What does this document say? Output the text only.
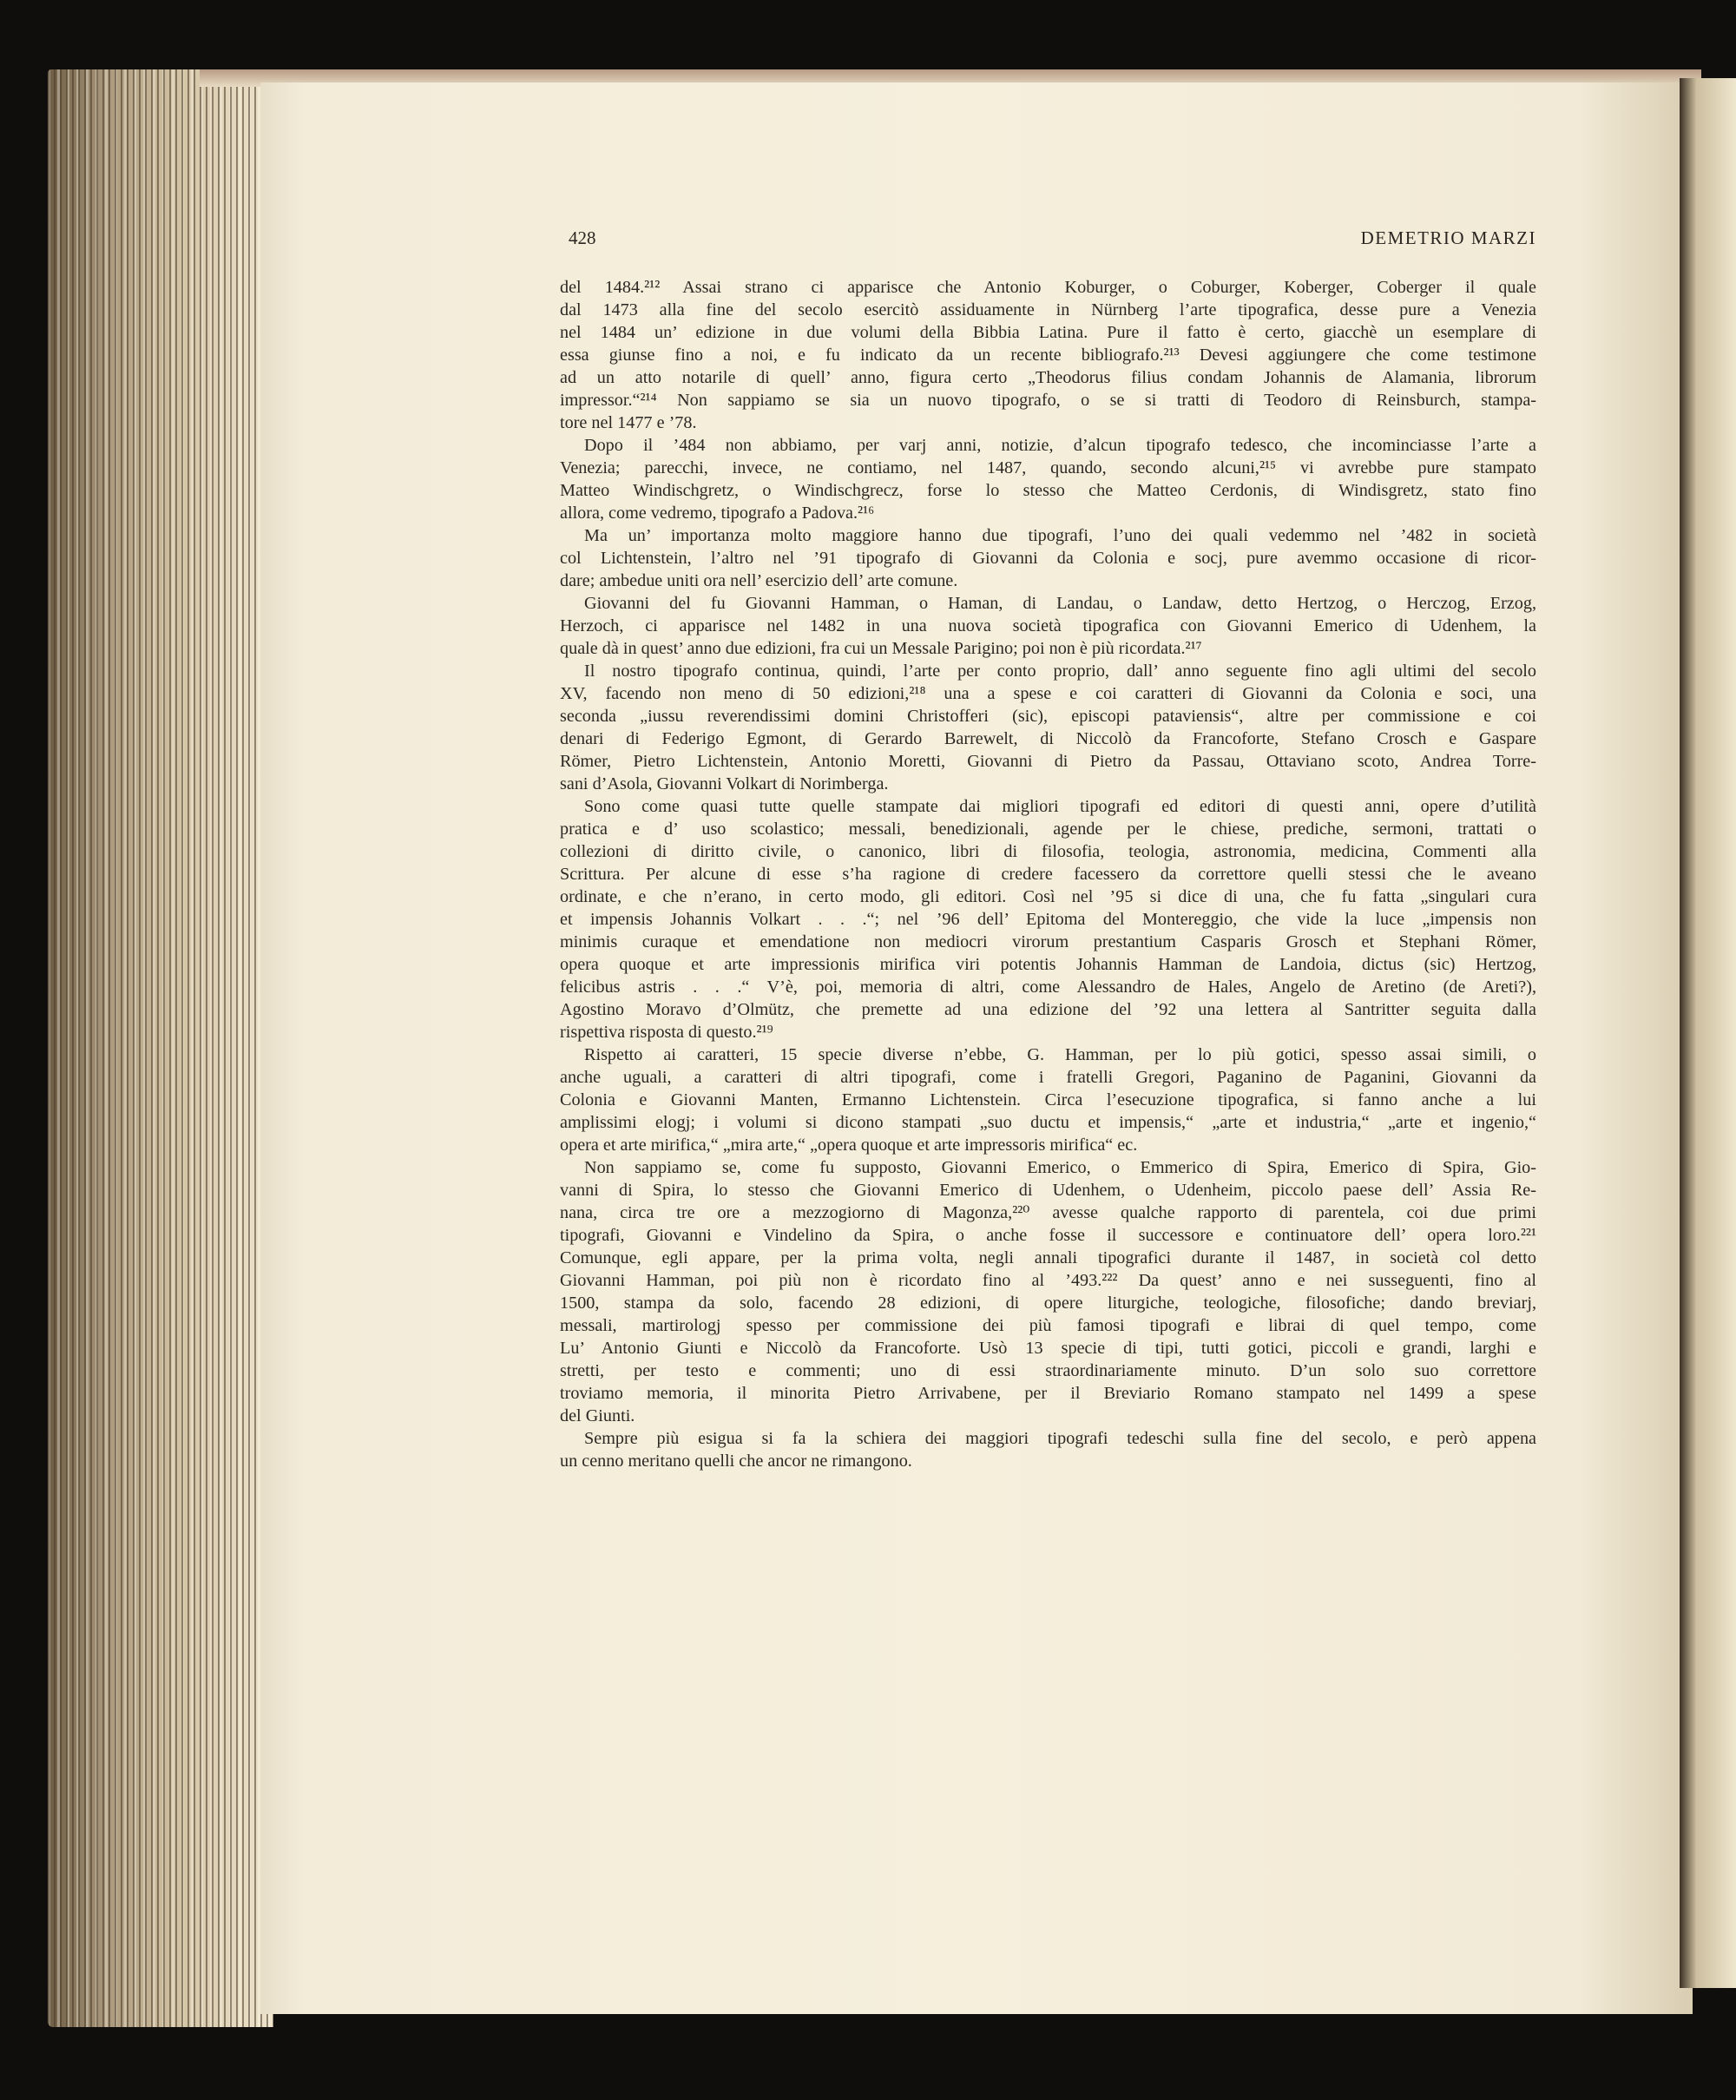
428	DEMETRIO MARZI
del 1484.²¹² Assai strano ci apparisce che Antonio Koburger, o Coburger, Koberger, Coberger il quale
dal 1473 alla fine del secolo esercitò assiduamente in Nürnberg l’arte tipografica, desse pure a Venezia
nel 1484 un’ edizione in due volumi della Bibbia Latina. Pure il fatto è certo, giacchè un esemplare di
essa giunse fino a noi, e fu indicato da un recente bibliografo.²¹³ Devesi aggiungere che come testimone
ad un atto notarile di quell’ anno, figura certo „Theodorus filius condam Johannis de Alamania, librorum
impressor.“²¹⁴ Non sappiamo se sia un nuovo tipografo, o se si tratti di Teodoro di Reinsburch, stampa-
tore nel 1477 e ’78.
Dopo il ’484 non abbiamo, per varj anni, notizie, d’alcun tipografo tedesco, che incominciasse l’arte a
Venezia; parecchi, invece, ne contiamo, nel 1487, quando, secondo alcuni,²¹⁵ vi avrebbe pure stampato
Matteo Windischgretz, o Windischgrecz, forse lo stesso che Matteo Cerdonis, di Windisgretz, stato fino
allora, come vedremo, tipografo a Padova.²¹⁶
Ma un’ importanza molto maggiore hanno due tipografi, l’uno dei quali vedemmo nel ’482 in società
col Lichtenstein, l’altro nel ’91 tipografo di Giovanni da Colonia e socj, pure avemmo occasione di ricor-
dare; ambedue uniti ora nell’ esercizio dell’ arte comune.
Giovanni del fu Giovanni Hamman, o Haman, di Landau, o Landaw, detto Hertzog, o Herczog, Erzog,
Herzoch, ci apparisce nel 1482 in una nuova società tipografica con Giovanni Emerico di Udenhem, la
quale dà in quest’ anno due edizioni, fra cui un Messale Parigino; poi non è più ricordata.²¹⁷
Il nostro tipografo continua, quindi, l’arte per conto proprio, dall’ anno seguente fino agli ultimi del secolo
XV, facendo non meno di 50 edizioni,²¹⁸ una a spese e coi caratteri di Giovanni da Colonia e soci, una
seconda „iussu reverendissimi domini Christofferi (sic), episcopi pataviensis“, altre per commissione e coi
denari di Federigo Egmont, di Gerardo Barrewelt, di Niccolò da Francoforte, Stefano Crosch e Gaspare
Römer, Pietro Lichtenstein, Antonio Moretti, Giovanni di Pietro da Passau, Ottaviano scoto, Andrea Torre-
sani d’Asola, Giovanni Volkart di Norimberga.
Sono come quasi tutte quelle stampate dai migliori tipografi ed editori di questi anni, opere d’utilità
pratica e d’ uso scolastico; messali, benedizionali, agende per le chiese, prediche, sermoni, trattati o
collezioni di diritto civile, o canonico, libri di filosofia, teologia, astronomia, medicina, Commenti alla
Scrittura. Per alcune di esse s’ha ragione di credere facessero da correttore quelli stessi che le aveano
ordinate, e che n’erano, in certo modo, gli editori. Così nel ’95 si dice di una, che fu fatta „singulari cura
et impensis Johannis Volkart . . .“; nel ’96 dell’ Epitoma del Montereggio, che vide la luce „impensis non
minimis curaque et emendatione non mediocri virorum prestantium Casparis Grosch et Stephani Römer,
opera quoque et arte impressionis mirifica viri potentis Johannis Hamman de Landoia, dictus (sic) Hertzog,
felicibus astris . . .“ V’è, poi, memoria di altri, come Alessandro de Hales, Angelo de Aretino (de Areti?),
Agostino Moravo d’Olmütz, che premette ad una edizione del ’92 una lettera al Santritter seguita dalla
rispettiva risposta di questo.²¹⁹
Rispetto ai caratteri, 15 specie diverse n’ebbe, G. Hamman, per lo più gotici, spesso assai simili, o
anche uguali, a caratteri di altri tipografi, come i fratelli Gregori, Paganino de Paganini, Giovanni da
Colonia e Giovanni Manten, Ermanno Lichtenstein. Circa l’esecuzione tipografica, si fanno anche a lui
amplissimi elogj; i volumi si dicono stampati „suo ductu et impensis,“ „arte et industria,“ „arte et ingenio,“
opera et arte mirifica,“ „mira arte,“ „opera quoque et arte impressoris mirifica“ ec.
Non sappiamo se, come fu supposto, Giovanni Emerico, o Emmerico di Spira, Emerico di Spira, Gio-
vanni di Spira, lo stesso che Giovanni Emerico di Udenhem, o Udenheim, piccolo paese dell’ Assia Re-
nana, circa tre ore a mezzogiorno di Magonza,²²⁰ avesse qualche rapporto di parentela, coi due primi
tipografi, Giovanni e Vindelino da Spira, o anche fosse il successore e continuatore dell’ opera loro.²²¹
Comunque, egli appare, per la prima volta, negli annali tipografici durante il 1487, in società col detto
Giovanni Hamman, poi più non è ricordato fino al ’493.²²² Da quest’ anno e nei susseguenti, fino al
1500, stampa da solo, facendo 28 edizioni, di opere liturgiche, teologiche, filosofiche; dando breviarj,
messali, martirologj spesso per commissione dei più famosi tipografi e librai di quel tempo, come
Lu’ Antonio Giunti e Niccolò da Francoforte. Usò 13 specie di tipi, tutti gotici, piccoli e grandi, larghi e
stretti, per testo e commenti; uno di essi straordinariamente minuto. D’un solo suo correttore
troviamo memoria, il minorita Pietro Arrivabene, per il Breviario Romano stampato nel 1499 a spese
del Giunti.
Sempre più esigua si fa la schiera dei maggiori tipografi tedeschi sulla fine del secolo, e però appena
un cenno meritano quelli che ancor ne rimangono.
